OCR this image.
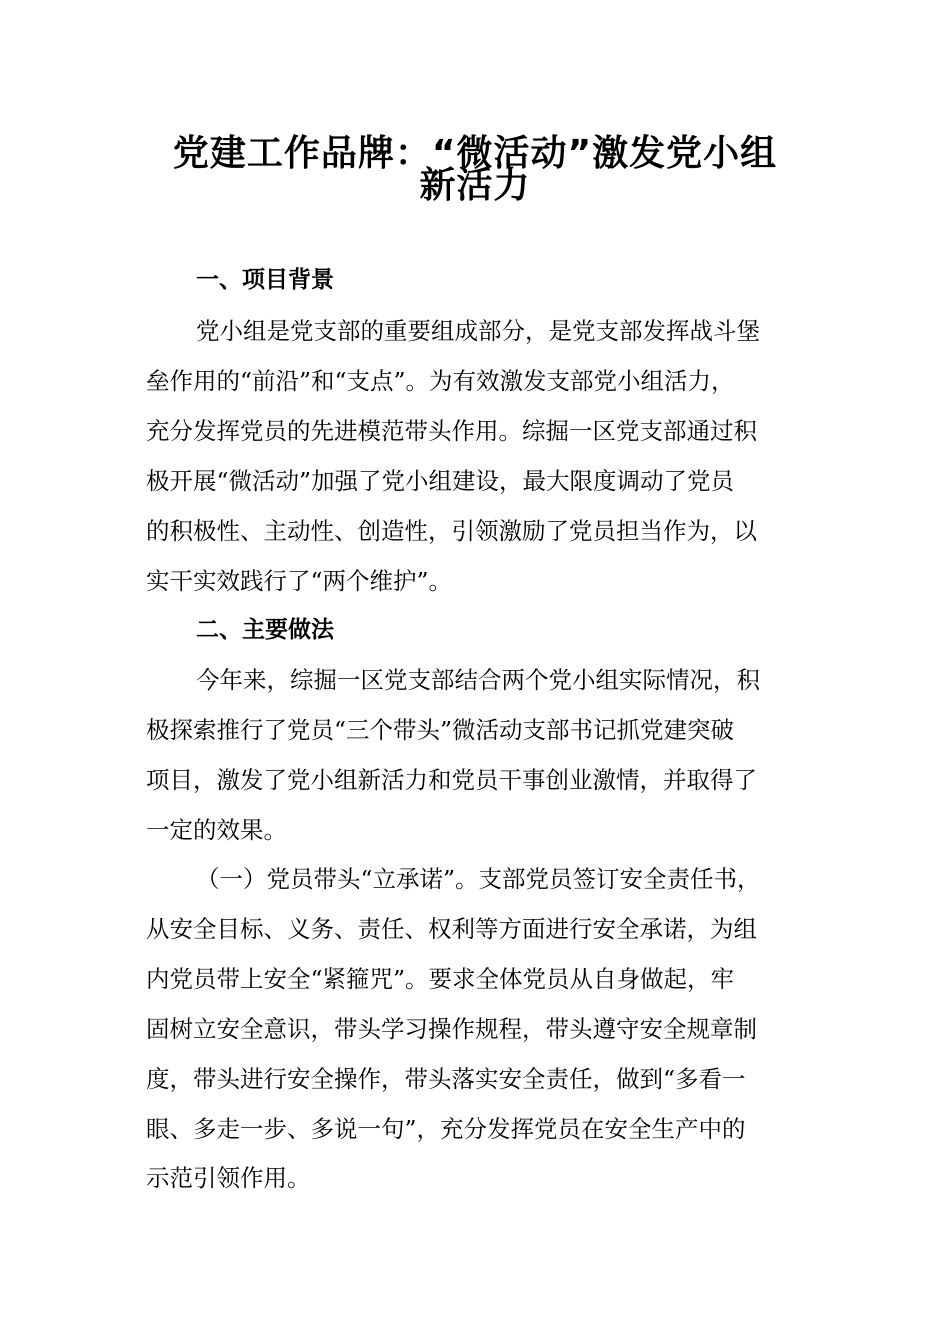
党建工作品牌：“微活动”激发党小组
新活力
一、项目背景
党小组是党支部的重要组成部分，是党支部发挥战斗堡
垒作用的“前沿”和“支点”。为有效激发支部党小组活力，
充分发挥党员的先进模范带头作用。综掘一区党支部通过积
极开展“微活动”加强了党小组建设，最大限度调动了党员
的积极性、主动性、创造性，引领激励了党员担当作为，以
实干实效践行了“两个维护”。
二、主要做法
今年来，综掘一区党支部结合两个党小组实际情况，积
极探索推行了党员“三个带头”微活动支部书记抓党建突破
项目，激发了党小组新活力和党员干事创业激情，并取得了
一定的效果。
（一）党员带头“立承诺”。支部党员签订安全责任书，
从安全目标、义务、责任、权利等方面进行安全承诺，为组
内党员带上安全“紧箍咒”。要求全体党员从自身做起，牢
固树立安全意识，带头学习操作规程，带头遵守安全规章制
度，带头进行安全操作，带头落实安全责任，做到“多看一
眼、多走一步、多说一句”，充分发挥党员在安全生产中的
示范引领作用。
